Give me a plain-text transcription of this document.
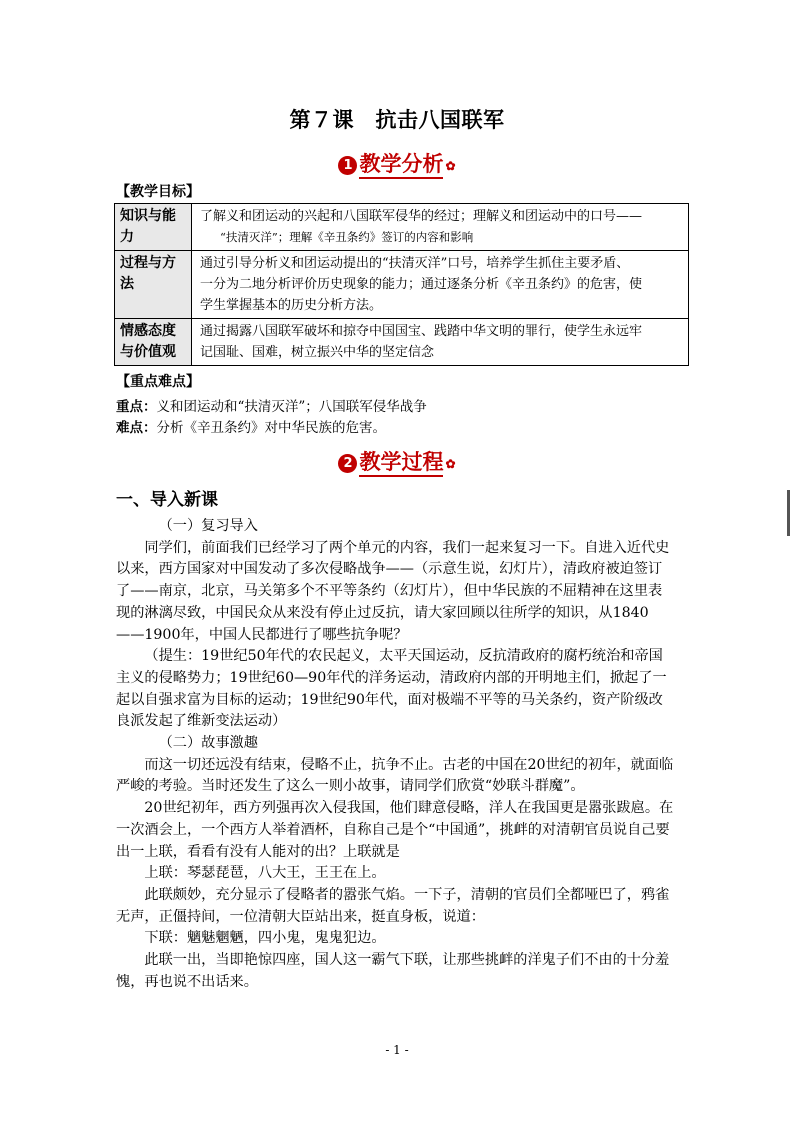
第７课　抗击八国联军
1 教学分析 ✿
【教学目标】
知识与能力	了解义和团运动的兴起和八国联军侵华的经过；理解义和团运动中的口号——
“扶清灭洋”；理解《辛丑条约》签订的内容和影响

过程与方法	通过引导分析义和团运动提出的“扶清灭洋”口号，培养学生抓住主要矛盾、
一分为二地分析评价历史现象的能力；通过逐条分析《辛丑条约》的危害，使
学生掌握基本的历史分析方法。

情感态度与价值观	通过揭露八国联军破坏和掠夺中国国宝、践踏中华文明的罪行，使学生永远牢
记国耻、国难，树立振兴中华的坚定信念
【重点难点】
重点：义和团运动和“扶清灭洋”；八国联军侵华战争
难点：分析《辛丑条约》对中华民族的危害。
2 教学过程 ✿
一、导入新课

（一）复习导入

同学们，前面我们已经学习了两个单元的内容，我们一起来复习一下。自进入近代史以来，西方国家对中国发动了多次侵略战争——（示意生说，幻灯片），清政府被迫签订了——南京，北京，马关第多个不平等条约（幻灯片），但中华民族的不屈精神在这里表现的淋漓尽致，中国民众从来没有停止过反抗，请大家回顾以往所学的知识，从1840——1900年，中国人民都进行了哪些抗争呢？

（提生：19世纪50年代的农民起义，太平天国运动，反抗清政府的腐朽统治和帝国主义的侵略势力；19世纪60—90年代的洋务运动，清政府内部的开明地主们，掀起了一起以自强求富为目标的运动；19世纪90年代，面对极端不平等的马关条约，资产阶级改良派发起了维新变法运动）

（二）故事激趣

而这一切还远没有结束，侵略不止，抗争不止。古老的中国在20世纪的初年，就面临严峻的考验。当时还发生了这么一则小故事，请同学们欣赏“妙联斗群魔”。

20世纪初年，西方列强再次入侵我国，他们肆意侵略，洋人在我国更是嚣张跋扈。在一次酒会上，一个西方人举着酒杯，自称自己是个“中国通”，挑衅的对清朝官员说自己要出一上联，看看有没有人能对的出？上联就是

上联：琴瑟琵琶，八大王，王王在上。

此联颇妙，充分显示了侵略者的嚣张气焰。一下子，清朝的官员们全都哑巴了，鸦雀无声，正僵持间，一位清朝大臣站出来，挺直身板，说道：

下联：魑魅魍魉，四小鬼，鬼鬼犯边。

此联一出，当即艳惊四座，国人这一霸气下联，让那些挑衅的洋鬼子们不由的十分羞愧，再也说不出话来。

- 1 -
